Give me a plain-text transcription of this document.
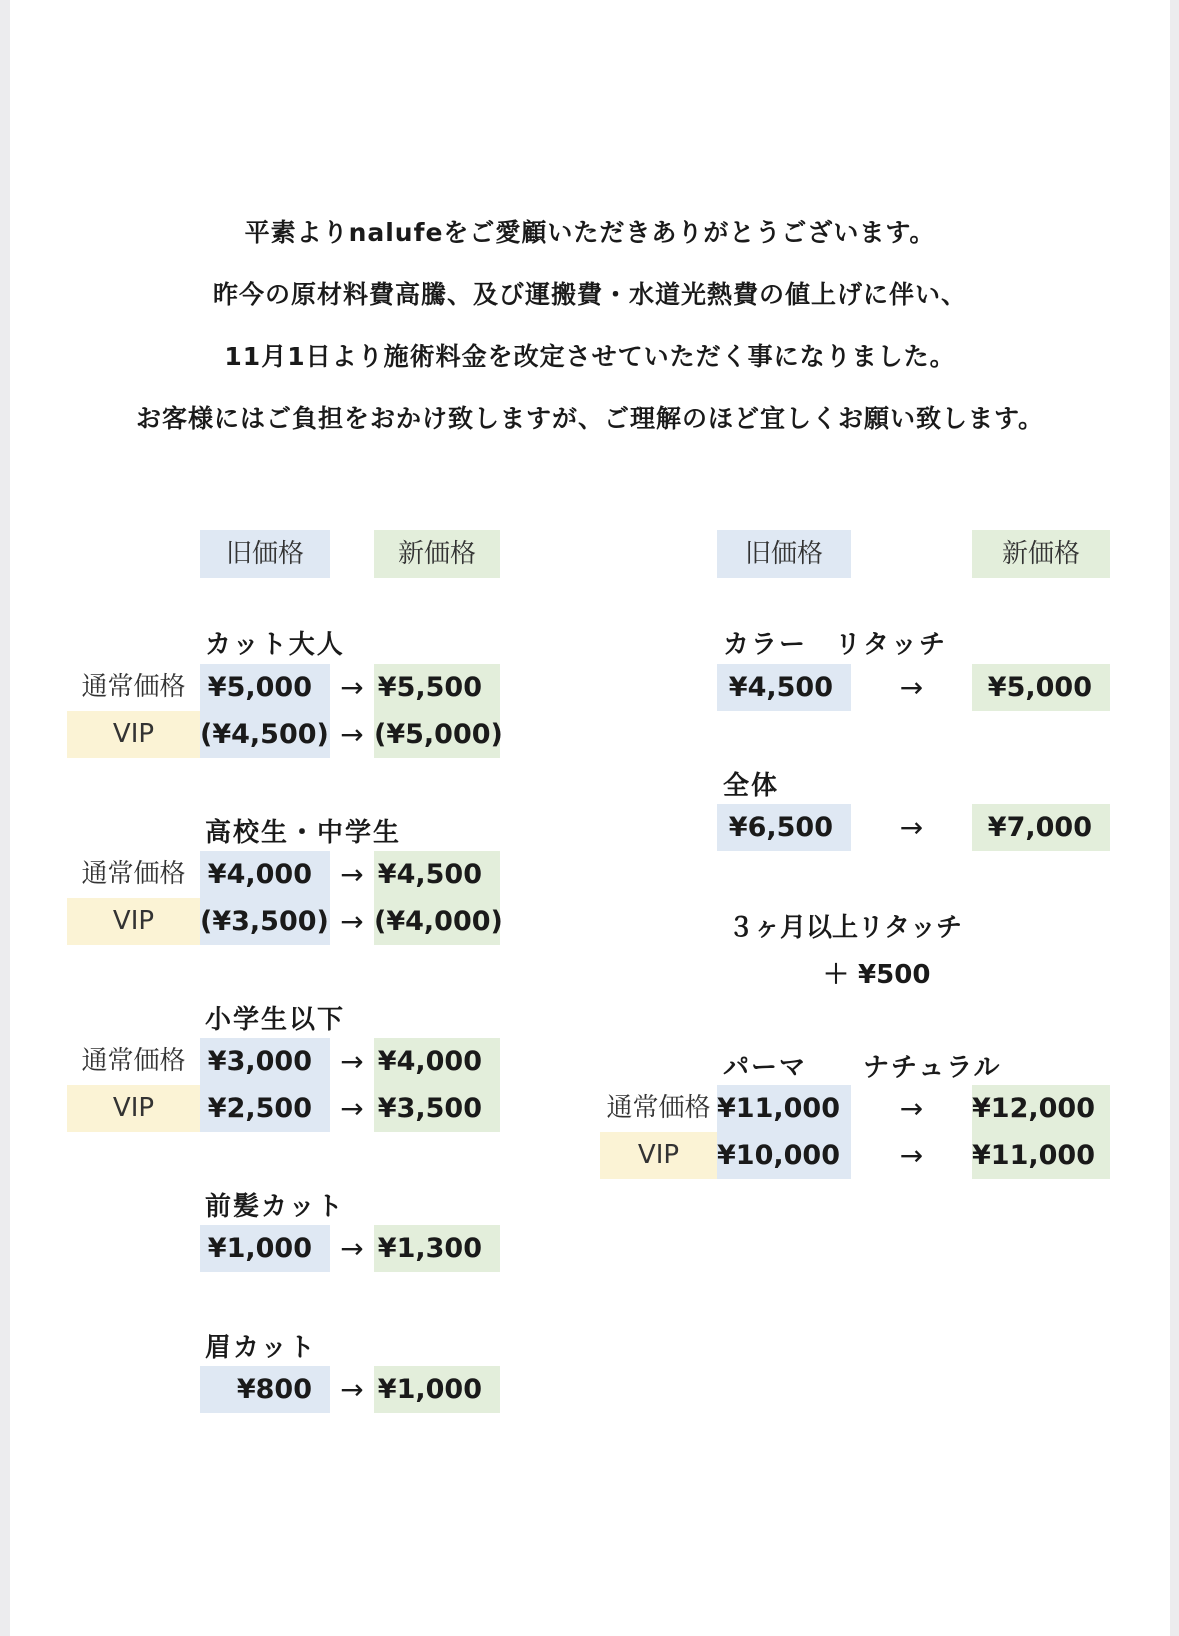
平素よりnalufeをご愛顧いただきありがとうございます。

昨今の原材料費高騰、及び運搬費・水道光熱費の値上げに伴い、

11月1日より施術料金を改定させていただく事になりました。

お客様にはご負担をおかけ致しますが、ご理解のほど宜しくお願い致します。

旧価格	新価格	旧価格	新価格
カット大人
通常価格 ¥5,000	→ ¥5,500
VIP	(¥4,500) → (¥5,000)
高校生・中学生
通常価格 ¥4,000	→ ¥4,500
VIP	(¥3,500) → (¥4,000)
小学生以下
通常価格 ¥3,000	→ ¥4,000
VIP	¥2,500	→ ¥3,500
前髪カット
¥1,000	→ ¥1,300
眉カット
¥800	→ ¥1,000
カラー　リタッチ
¥4,500	→	¥5,000
全体
¥6,500	→	¥7,000
３ヶ月以上リタッチ
＋ ¥500
パーマ　　ナチュラル
通常価格 ¥11,000	→	¥12,000
VIP	¥10,000	→	¥11,000
